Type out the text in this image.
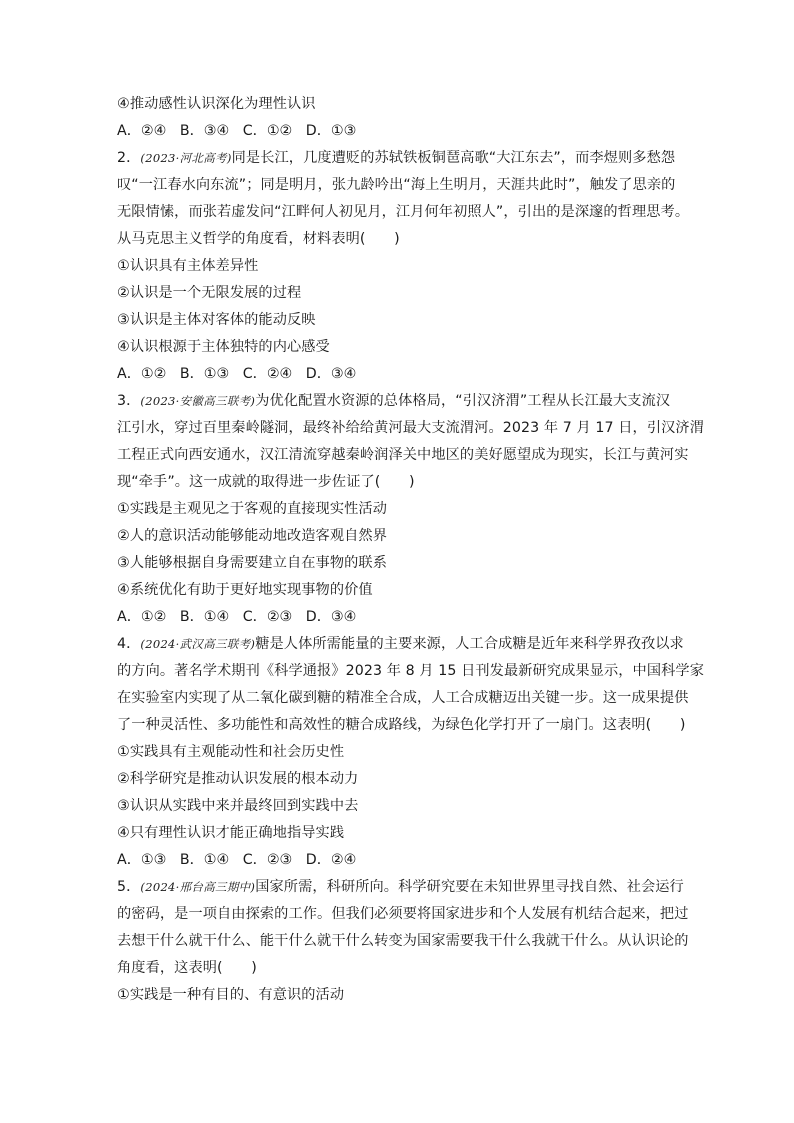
④推动感性认识深化为理性认识
A．②④ B．③④ C．①② D．①③
2．(2023·河北高考)同是长江，几度遭贬的苏轼铁板铜琶高歌“大江东去”，而李煜则多愁怨
叹“一江春水向东流”；同是明月，张九龄吟出“海上生明月，天涯共此时”，触发了思亲的
无限情愫，而张若虚发问“江畔何人初见月，江月何年初照人”，引出的是深邃的哲理思考。
从马克思主义哲学的角度看，材料表明(　　)
①认识具有主体差异性
②认识是一个无限发展的过程
③认识是主体对客体的能动反映
④认识根源于主体独特的内心感受
A．①② B．①③ C．②④ D．③④
3．(2023·安徽高三联考)为优化配置水资源的总体格局，“引汉济渭”工程从长江最大支流汉
江引水，穿过百里秦岭隧洞，最终补给给黄河最大支流渭河。2023 年 7 月 17 日，引汉济渭
工程正式向西安通水，汉江清流穿越秦岭润泽关中地区的美好愿望成为现实，长江与黄河实
现“牵手”。这一成就的取得进一步佐证了(　　)
①实践是主观见之于客观的直接现实性活动
②人的意识活动能够能动地改造客观自然界
③人能够根据自身需要建立自在事物的联系
④系统优化有助于更好地实现事物的价值
A．①② B．①④ C．②③ D．③④
4．(2024·武汉高三联考)糖是人体所需能量的主要来源，人工合成糖是近年来科学界孜孜以求
的方向。著名学术期刊《科学通报》2023 年 8 月 15 日刊发最新研究成果显示，中国科学家
在实验室内实现了从二氧化碳到糖的精准全合成，人工合成糖迈出关键一步。这一成果提供
了一种灵活性、多功能性和高效性的糖合成路线，为绿色化学打开了一扇门。这表明(　　)
①实践具有主观能动性和社会历史性
②科学研究是推动认识发展的根本动力
③认识从实践中来并最终回到实践中去
④只有理性认识才能正确地指导实践
A．①③ B．①④ C．②③ D．②④
5．(2024·邢台高三期中)国家所需，科研所向。科学研究要在未知世界里寻找自然、社会运行
的密码，是一项自由探索的工作。但我们必须要将国家进步和个人发展有机结合起来，把过
去想干什么就干什么、能干什么就干什么转变为国家需要我干什么我就干什么。从认识论的
角度看，这表明(　　)
①实践是一种有目的、有意识的活动
